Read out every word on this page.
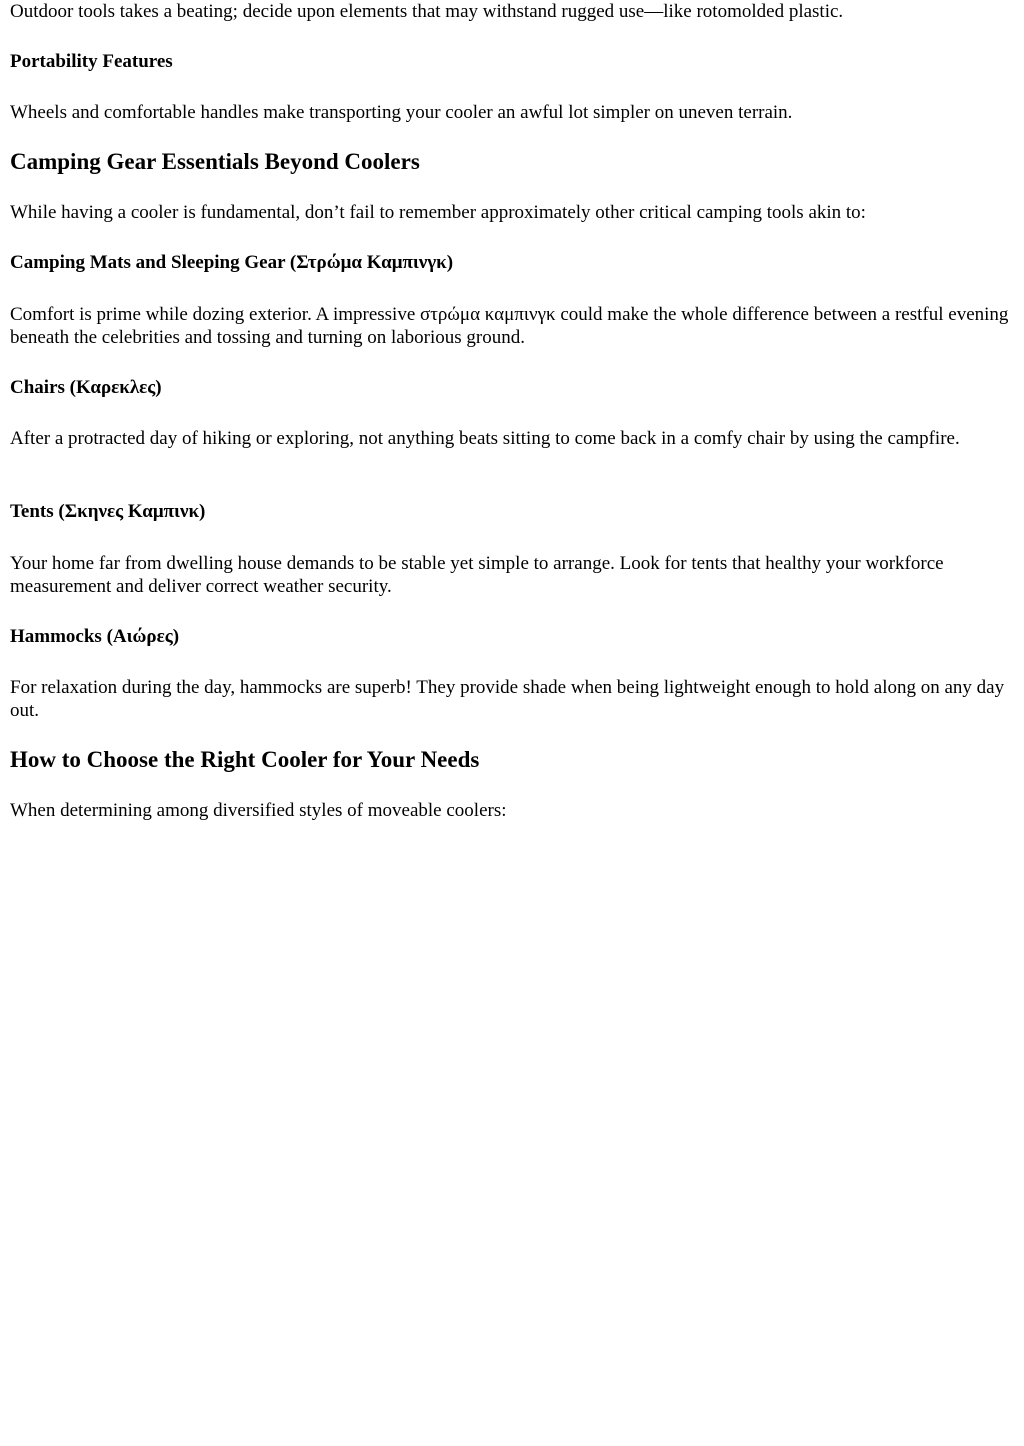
Outdoor tools takes a beating; decide upon elements that may withstand rugged use—like rotomolded plastic.

Portability Features

Wheels and comfortable handles make transporting your cooler an awful lot simpler on uneven terrain.

Camping Gear Essentials Beyond Coolers

While having a cooler is fundamental, don’t fail to remember approximately other critical camping tools akin to:

Camping Mats and Sleeping Gear (Στρώμα Καμπινγκ)

Comfort is prime while dozing exterior. A impressive στρώμα καμπινγκ could make the whole difference between a restful evening beneath the celebrities and tossing and turning on laborious ground.

Chairs (Καρεκλες)

After a protracted day of hiking or exploring, not anything beats sitting to come back in a comfy chair by using the campfire.

Tents (Σκηνες Καμπινκ)

Your home far from dwelling house demands to be stable yet simple to arrange. Look for tents that healthy your workforce measurement and deliver correct weather security.

Hammocks (Αιώρες)

For relaxation during the day, hammocks are superb! They provide shade when being lightweight enough to hold along on any day out.

How to Choose the Right Cooler for Your Needs

When determining among diversified styles of moveable coolers:
